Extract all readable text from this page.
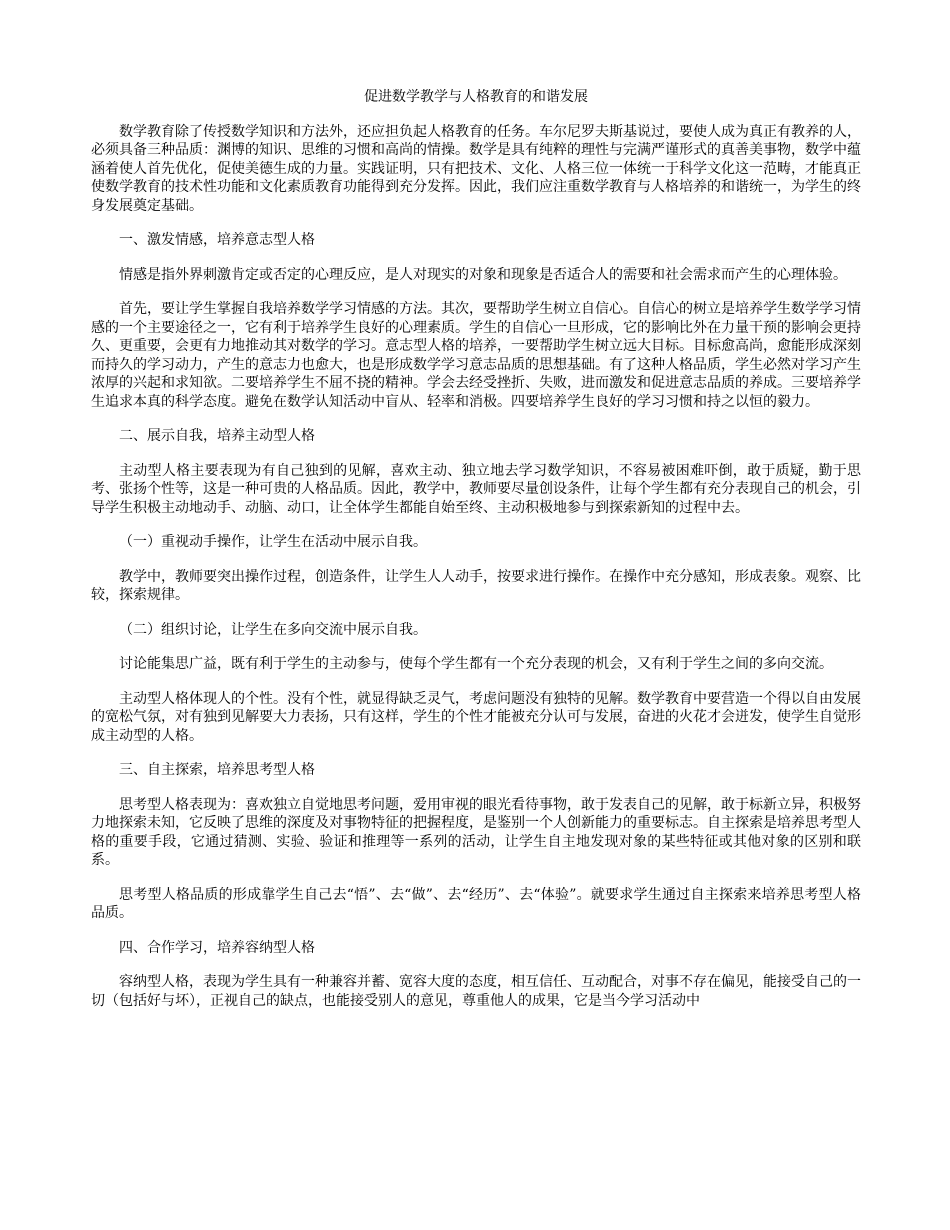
促进数学教学与人格教育的和谐发展
数学教育除了传授数学知识和方法外，还应担负起人格教育的任务。车尔尼罗夫斯基说过，要使人成为真正有教养的人，必须具备三种品质：渊博的知识、思维的习惯和高尚的情操。数学是具有纯粹的理性与完满严谨形式的真善美事物，数学中蕴涵着使人首先优化，促使美德生成的力量。实践证明，只有把技术、文化、人格三位一体统一于科学文化这一范畴，才能真正使数学教育的技术性功能和文化素质教育功能得到充分发挥。因此，我们应注重数学教育与人格培养的和谐统一，为学生的终身发展奠定基础。
一、激发情感，培养意志型人格
情感是指外界刺激肯定或否定的心理反应，是人对现实的对象和现象是否适合人的需要和社会需求而产生的心理体验。
首先，要让学生掌握自我培养数学学习情感的方法。其次，要帮助学生树立自信心。自信心的树立是培养学生数学学习情感的一个主要途径之一，它有利于培养学生良好的心理素质。学生的自信心一旦形成，它的影响比外在力量干预的影响会更持久、更重要，会更有力地推动其对数学的学习。意志型人格的培养，一要帮助学生树立远大目标。目标愈高尚，愈能形成深刻而持久的学习动力，产生的意志力也愈大，也是形成数学学习意志品质的思想基础。有了这种人格品质，学生必然对学习产生浓厚的兴起和求知欲。二要培养学生不屈不挠的精神。学会去经受挫折、失败，进而激发和促进意志品质的养成。三要培养学生追求本真的科学态度。避免在数学认知活动中盲从、轻率和消极。四要培养学生良好的学习习惯和持之以恒的毅力。
二、展示自我，培养主动型人格
主动型人格主要表现为有自己独到的见解，喜欢主动、独立地去学习数学知识，不容易被困难吓倒，敢于质疑，勤于思考、张扬个性等，这是一种可贵的人格品质。因此，教学中，教师要尽量创设条件，让每个学生都有充分表现自己的机会，引导学生积极主动地动手、动脑、动口，让全体学生都能自始至终、主动积极地参与到探索新知的过程中去。
（一）重视动手操作，让学生在活动中展示自我。
教学中，教师要突出操作过程，创造条件，让学生人人动手，按要求进行操作。在操作中充分感知，形成表象。观察、比较，探索规律。
（二）组织讨论，让学生在多向交流中展示自我。
讨论能集思广益，既有利于学生的主动参与，使每个学生都有一个充分表现的机会，又有利于学生之间的多向交流。
主动型人格体现人的个性。没有个性，就显得缺乏灵气，考虑问题没有独特的见解。数学教育中要营造一个得以自由发展的宽松气氛，对有独到见解要大力表扬，只有这样，学生的个性才能被充分认可与发展，奋进的火花才会迸发，使学生自觉形成主动型的人格。
三、自主探索，培养思考型人格
思考型人格表现为：喜欢独立自觉地思考问题，爱用审视的眼光看待事物，敢于发表自己的见解，敢于标新立异，积极努力地探索未知，它反映了思维的深度及对事物特征的把握程度，是鉴别一个人创新能力的重要标志。自主探索是培养思考型人格的重要手段，它通过猜测、实验、验证和推理等一系列的活动，让学生自主地发现对象的某些特征或其他对象的区别和联系。
思考型人格品质的形成靠学生自己去“悟”、去“做”、去“经历”、去“体验”。就要求学生通过自主探索来培养思考型人格品质。
四、合作学习，培养容纳型人格
容纳型人格，表现为学生具有一种兼容并蓄、宽容大度的态度，相互信任、互动配合，对事不存在偏见，能接受自己的一切（包括好与坏），正视自己的缺点，也能接受别人的意见，尊重他人的成果，它是当今学习活动中
